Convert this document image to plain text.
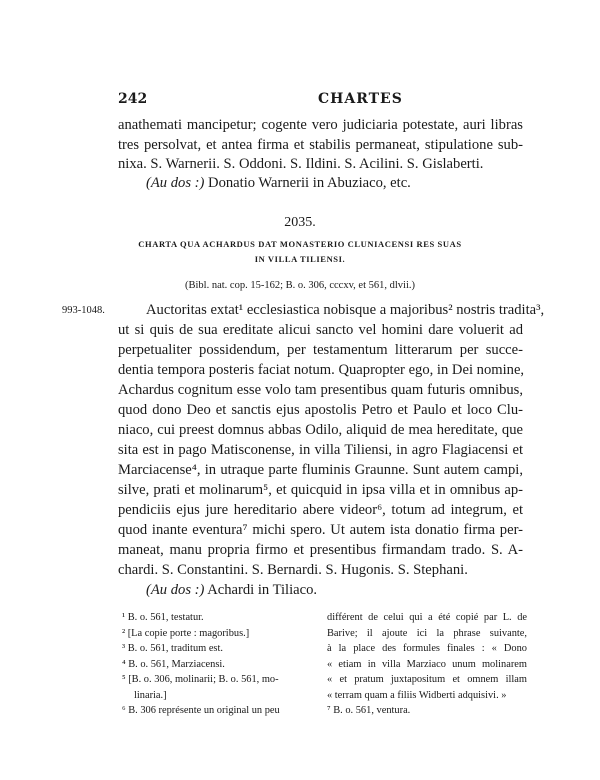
242	CHARTES
anathemati mancipetur; cogente vero judiciaria potestate, auri libras
tres persolvat, et antea firma et stabilis permaneat, stipulatione sub-
nixa. S. Warnerii. S. Oddoni. S. Ildini. S. Acilini. S. Gislaberti.
(Au dos :) Donatio Warnerii in Abuziaco, etc.
2035.
CHARTA QUA ACHARDUS DAT MONASTERIO CLUNIACENSI RES SUAS
IN VILLA TILIENSI.
(Bibl. nat. cop. 15-162; B. o. 306, cccxv, et 561, dlvii.)
993-1048.	Auctoritas extat¹ ecclesiastica nobisque a majoribus² nostris tradita³,
ut si quis de sua ereditate alicui sancto vel homini dare voluerit ad
perpetualiter possidendum, per testamentum litterarum per succe-
dentia tempora posteris faciat notum. Quapropter ego, in Dei nomine,
Achardus cognitum esse volo tam presentibus quam futuris omnibus,
quod dono Deo et sanctis ejus apostolis Petro et Paulo et loco Clu-
niaco, cui preest domnus abbas Odilo, aliquid de mea hereditate, que
sita est in pago Matisconense, in villa Tiliensi, in agro Flagiacensi et
Marciacense⁴, in utraque parte fluminis Graunne. Sunt autem campi,
silve, prati et molinarum⁵, et quicquid in ipsa villa et in omnibus ap-
pendiciis ejus jure hereditario abere videor⁶, totum ad integrum, et
quod inante eventura⁷ michi spero. Ut autem ista donatio firma per-
maneat, manu propria firmo et presentibus firmandam trado. S. A-
chardi. S. Constantini. S. Bernardi. S. Hugonis. S. Stephani.
(Au dos :) Achardi in Tiliaco.
¹ B. o. 561, testatur.
² [La copie porte : magoribus.]
³ B. o. 561, traditum est.
⁴ B. o. 561, Marziacensi.
⁵ [B. o. 306, molinarii; B. o. 561, mo-
linaria.]
⁶ B. 306 représente un original un peu
différent de celui qui a été copié par L. de
Barive; il ajoute ici la phrase suivante,
à la place des formules finales : « Dono
« etiam in villa Marziaco unum molinarem
« et pratum juxtapositum et omnem illam
« terram quam a filiis Widberti adquisivi. »
⁷ B. o. 561, ventura.
